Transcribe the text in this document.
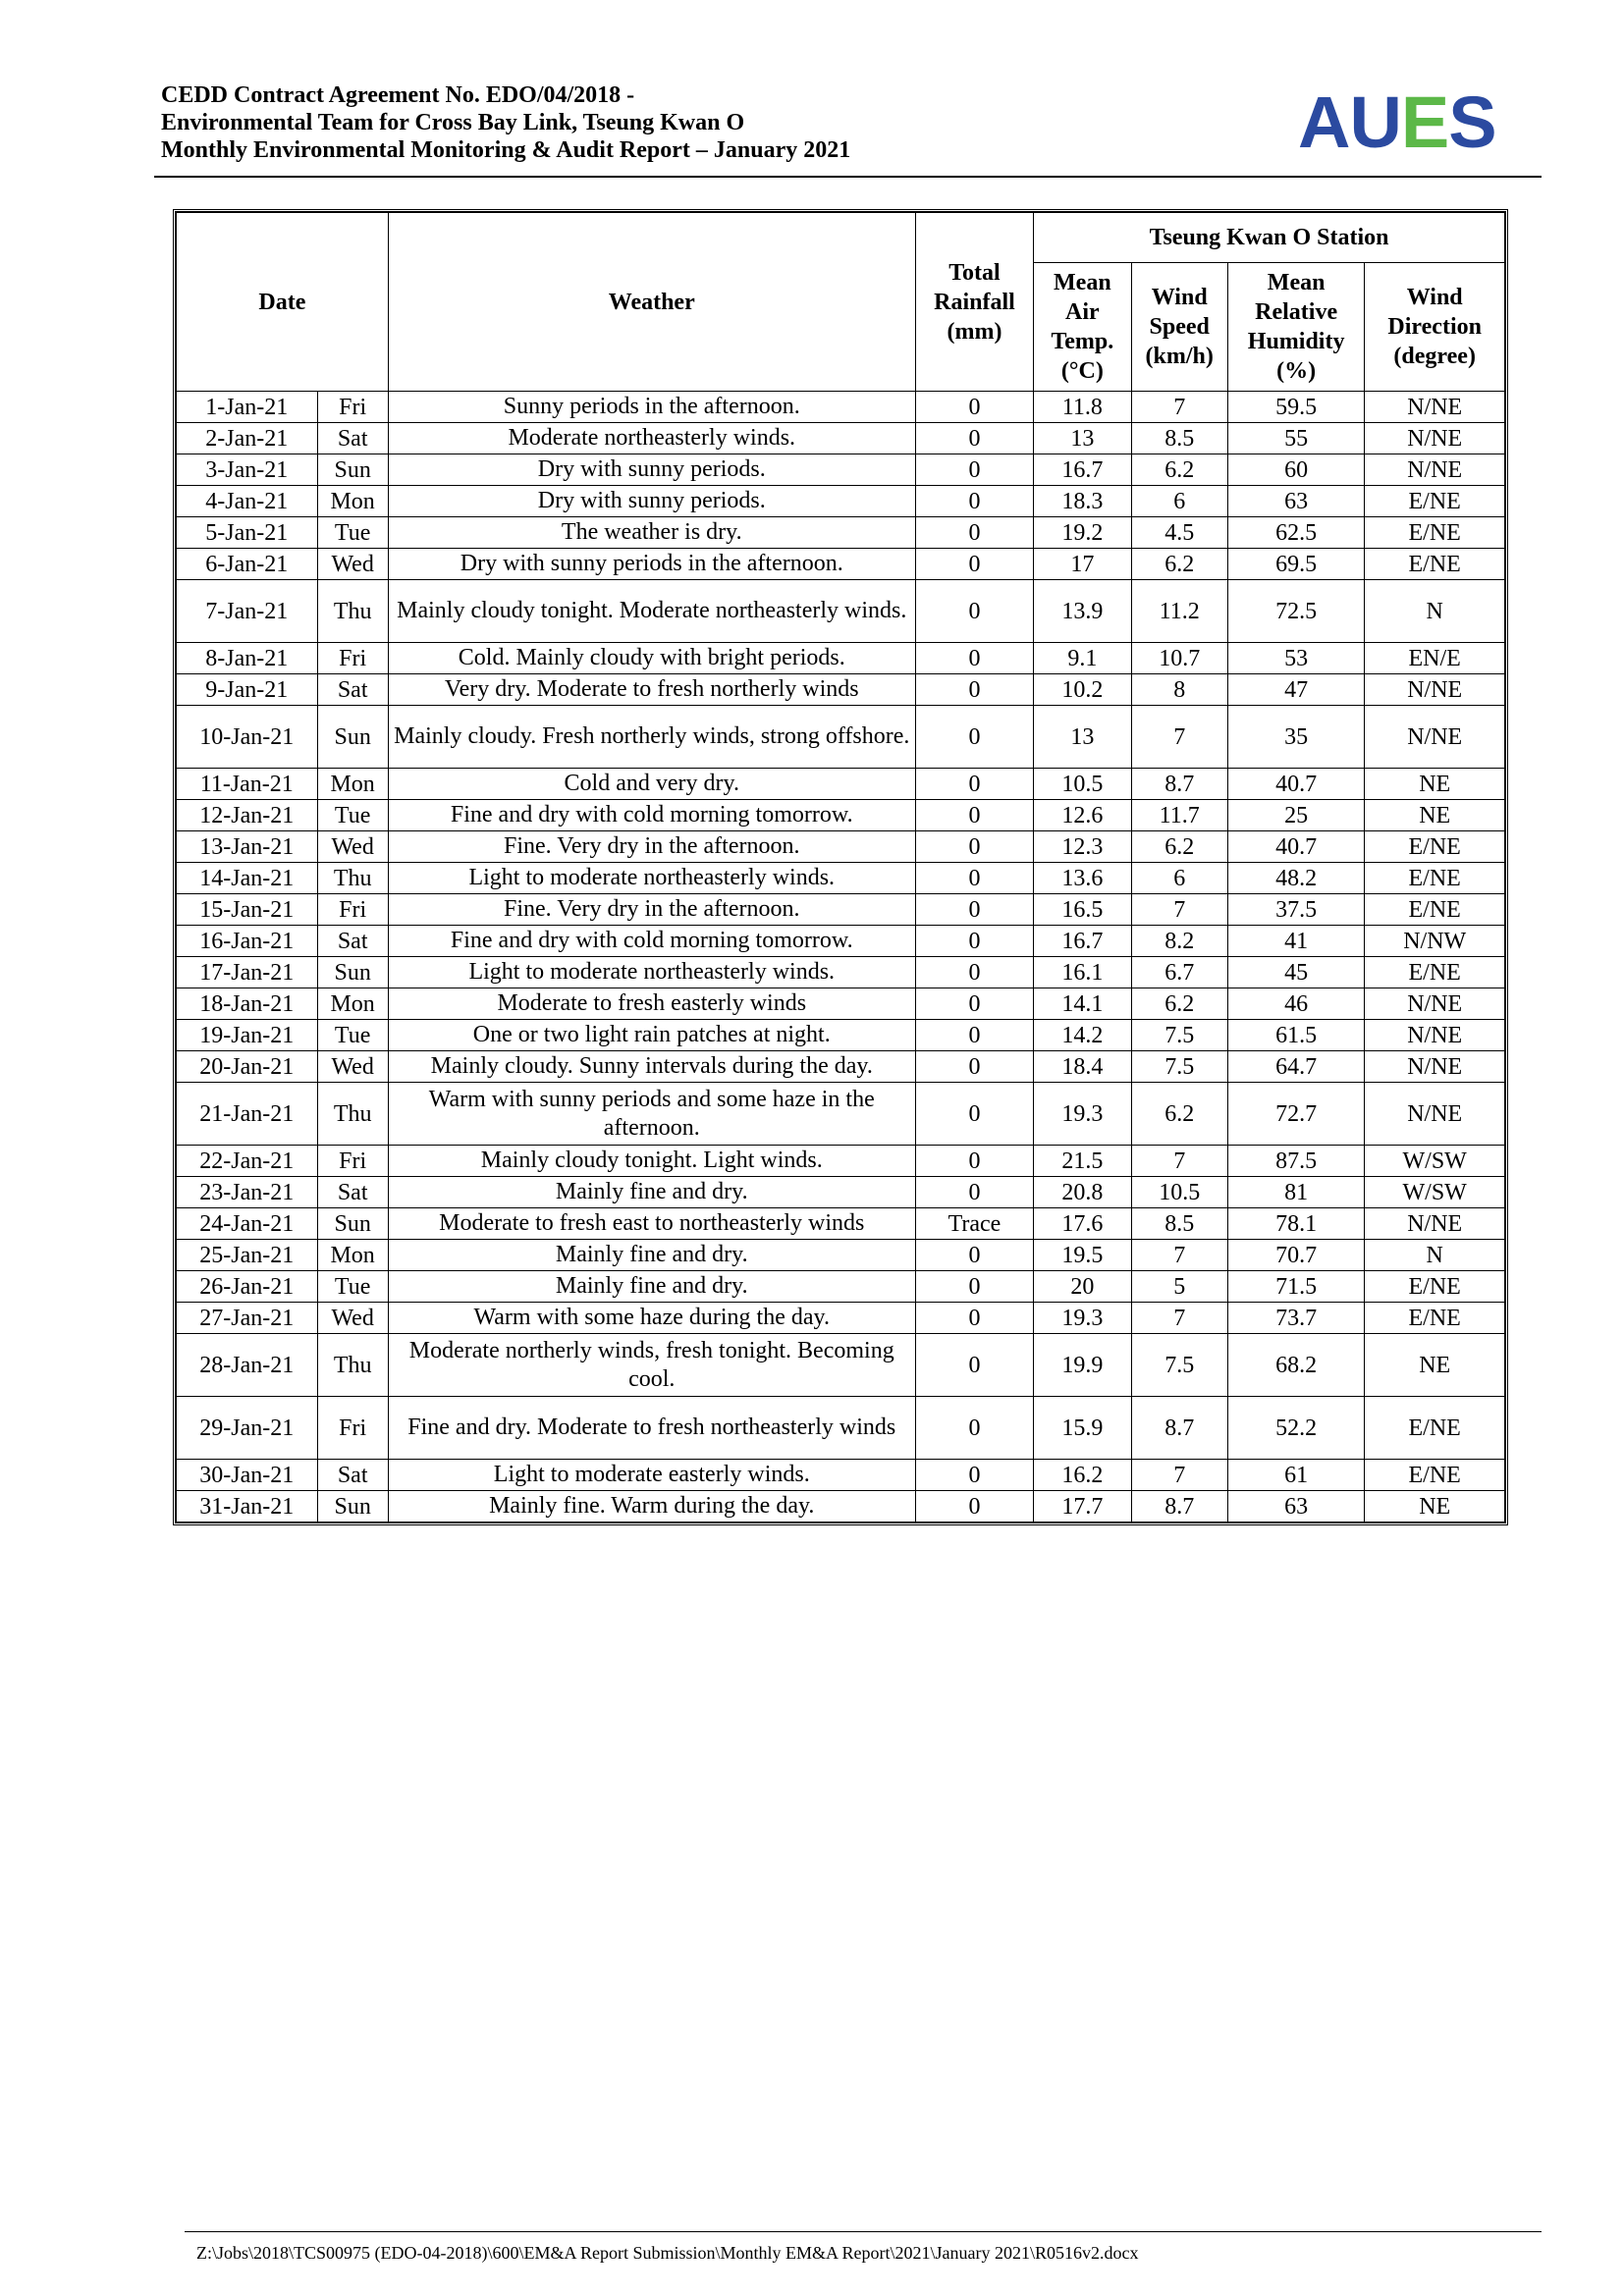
CEDD Contract Agreement No. EDO/04/2018 -
Environmental Team for Cross Bay Link, Tseung Kwan O
Monthly Environmental Monitoring & Audit Report – January 2021	AUES
Date		Weather	Total Rainfall (mm)	Tseung Kwan O Station			
				Mean Air Temp. (°C)	Wind Speed (km/h)	Mean Relative Humidity (%)	Wind Direction (degree)
1-Jan-21	Fri	Sunny periods in the afternoon.	0	11.8	7	59.5	N/NE
2-Jan-21	Sat	Moderate northeasterly winds.	0	13	8.5	55	N/NE
3-Jan-21	Sun	Dry with sunny periods.	0	16.7	6.2	60	N/NE
4-Jan-21	Mon	Dry with sunny periods.	0	18.3	6	63	E/NE
5-Jan-21	Tue	The weather is dry.	0	19.2	4.5	62.5	E/NE
6-Jan-21	Wed	Dry with sunny periods in the afternoon.	0	17	6.2	69.5	E/NE
7-Jan-21	Thu	Mainly cloudy tonight. Moderate northeasterly winds.	0	13.9	11.2	72.5	N
8-Jan-21	Fri	Cold. Mainly cloudy with bright periods.	0	9.1	10.7	53	EN/E
9-Jan-21	Sat	Very dry. Moderate to fresh northerly winds	0	10.2	8	47	N/NE
10-Jan-21	Sun	Mainly cloudy. Fresh northerly winds, strong offshore.	0	13	7	35	N/NE
11-Jan-21	Mon	Cold and very dry.	0	10.5	8.7	40.7	NE
12-Jan-21	Tue	Fine and dry with cold morning tomorrow.	0	12.6	11.7	25	NE
13-Jan-21	Wed	Fine. Very dry in the afternoon.	0	12.3	6.2	40.7	E/NE
14-Jan-21	Thu	Light to moderate northeasterly winds.	0	13.6	6	48.2	E/NE
15-Jan-21	Fri	Fine. Very dry in the afternoon.	0	16.5	7	37.5	E/NE
16-Jan-21	Sat	Fine and dry with cold morning tomorrow.	0	16.7	8.2	41	N/NW
17-Jan-21	Sun	Light to moderate northeasterly winds.	0	16.1	6.7	45	E/NE
18-Jan-21	Mon	Moderate to fresh easterly winds	0	14.1	6.2	46	N/NE
19-Jan-21	Tue	One or two light rain patches at night.	0	14.2	7.5	61.5	N/NE
20-Jan-21	Wed	Mainly cloudy. Sunny intervals during the day.	0	18.4	7.5	64.7	N/NE
21-Jan-21	Thu	Warm with sunny periods and some haze in the afternoon.	0	19.3	6.2	72.7	N/NE
22-Jan-21	Fri	Mainly cloudy tonight. Light winds.	0	21.5	7	87.5	W/SW
23-Jan-21	Sat	Mainly fine and dry.	0	20.8	10.5	81	W/SW
24-Jan-21	Sun	Moderate to fresh east to northeasterly winds	Trace	17.6	8.5	78.1	N/NE
25-Jan-21	Mon	Mainly fine and dry.	0	19.5	7	70.7	N
26-Jan-21	Tue	Mainly fine and dry.	0	20	5	71.5	E/NE
27-Jan-21	Wed	Warm with some haze during the day.	0	19.3	7	73.7	E/NE
28-Jan-21	Thu	Moderate northerly winds, fresh tonight. Becoming cool.	0	19.9	7.5	68.2	NE
29-Jan-21	Fri	Fine and dry. Moderate to fresh northeasterly winds	0	15.9	8.7	52.2	E/NE
30-Jan-21	Sat	Light to moderate easterly winds.	0	16.2	7	61	E/NE
31-Jan-21	Sun	Mainly fine. Warm during the day.	0	17.7	8.7	63	NE
Z:\Jobs\2018\TCS00975 (EDO-04-2018)\600\EM&A Report Submission\Monthly EM&A Report\2021\January 2021\R0516v2.docx
